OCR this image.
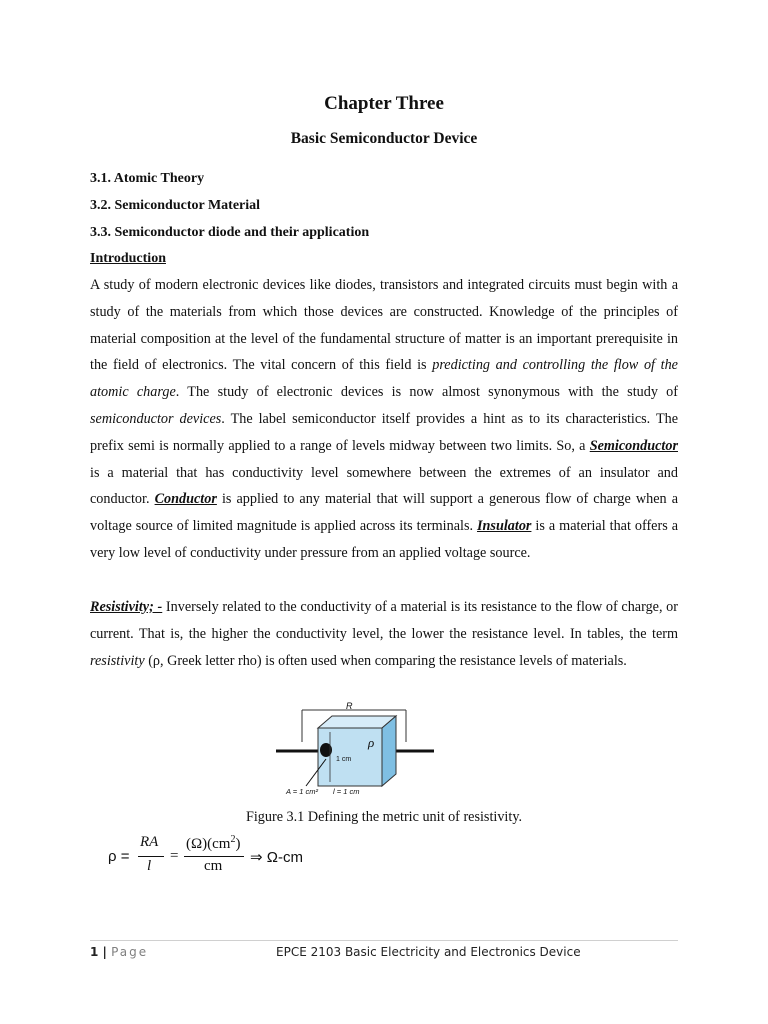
Chapter Three
Basic Semiconductor Device
3.1. Atomic Theory
3.2. Semiconductor Material
3.3. Semiconductor diode and their application
Introduction
A study of modern electronic devices like diodes, transistors and integrated circuits must begin with a study of the materials from which those devices are constructed. Knowledge of the principles of material composition at the level of the fundamental structure of matter is an important prerequisite in the field of electronics. The vital concern of this field is predicting and controlling the flow of the atomic charge. The study of electronic devices is now almost synonymous with the study of semiconductor devices. The label semiconductor itself provides a hint as to its characteristics. The prefix semi is normally applied to a range of levels midway between two limits. So, a Semiconductor is a material that has conductivity level somewhere between the extremes of an insulator and conductor. Conductor is applied to any material that will support a generous flow of charge when a voltage source of limited magnitude is applied across its terminals. Insulator is a material that offers a very low level of conductivity under pressure from an applied voltage source.
Resistivity; - Inversely related to the conductivity of a material is its resistance to the flow of charge, or current. That is, the higher the conductivity level, the lower the resistance level. In tables, the term resistivity (ρ, Greek letter rho) is often used when comparing the resistance levels of materials.
R
ρ
1 cm
A = 1 cm² l = 1 cm
Figure 3.1 Defining the metric unit of resistivity.
ρ =
RA
l
=
$(\Omega)(cm^2)$
cm ⇒ Ω-cm
1 | Page	EPCE 2103 Basic Electricity and Electronics Device
